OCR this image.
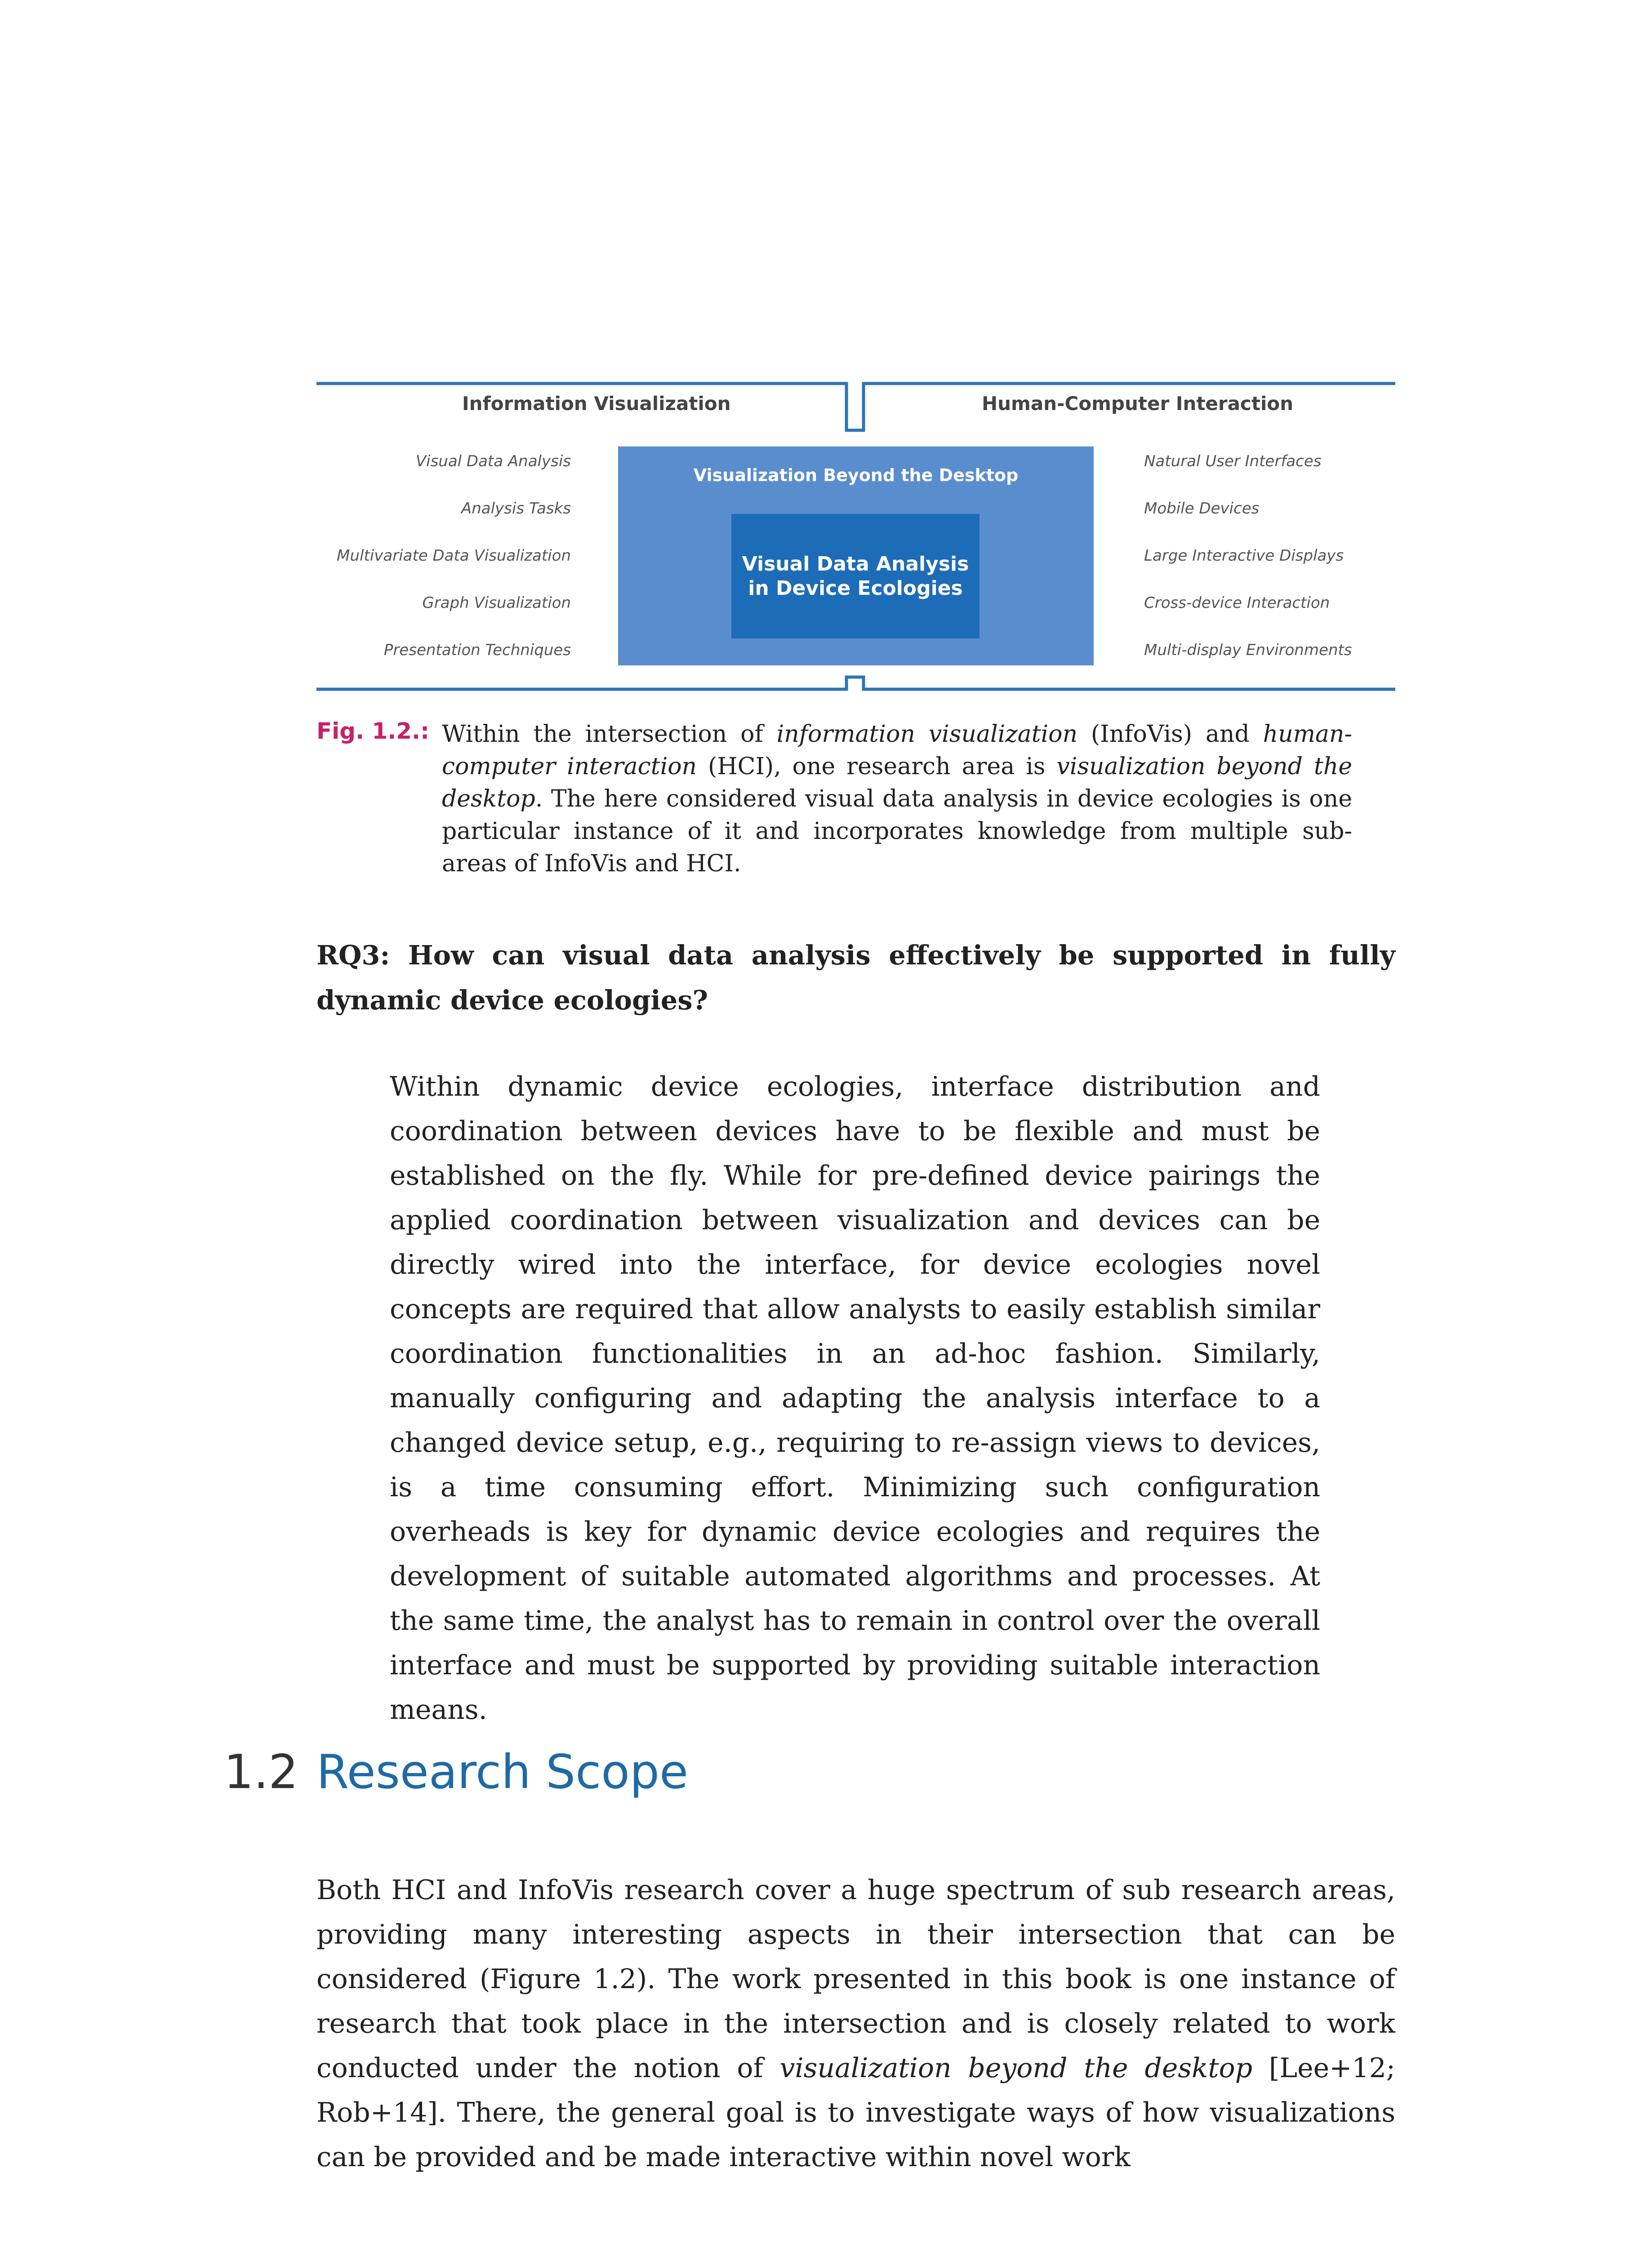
Information Visualization	Human-Computer Interaction
Visual Data Analysis
Analysis Tasks
Multivariate Data Visualization
Graph Visualization
Presentation Techniques
Natural User Interfaces
Mobile Devices
Large Interactive Displays
Cross-device Interaction
Multi-display Environments
Visualization Beyond the Desktop
Visual Data Analysis
in Device Ecologies
Fig. 1.2.: Within the intersection of information visualization (InfoVis) and human-computer interaction (HCI), one research area is visualization beyond the desktop. The here considered visual data analysis in device ecologies is one particular instance of it and incorporates knowledge from multiple sub-areas of InfoVis and HCI.
RQ3: How can visual data analysis effectively be supported in fully dynamic device ecologies?
Within dynamic device ecologies, interface distribution and coordination between devices have to be flexible and must be established on the fly. While for pre-defined device pairings the applied coordination between visualization and devices can be directly wired into the interface, for device ecologies novel concepts are required that allow analysts to easily establish similar coordination functionalities in an ad-hoc fashion. Similarly, manually configuring and adapting the analysis interface to a changed device setup, e.g., requiring to re-assign views to devices, is a time consuming effort. Minimizing such configuration overheads is key for dynamic device ecologies and requires the development of suitable automated algorithms and processes. At the same time, the analyst has to remain in control over the overall interface and must be supported by providing suitable interaction means.
1.2 Research Scope
Both HCI and InfoVis research cover a huge spectrum of sub research areas, providing many interesting aspects in their intersection that can be considered (Figure 1.2). The work presented in this book is one instance of research that took place in the intersection and is closely related to work conducted under the notion of visualization beyond the desktop [Lee+12; Rob+14]. There, the general goal is to investigate ways of how visualizations can be provided and be made interactive within novel work
